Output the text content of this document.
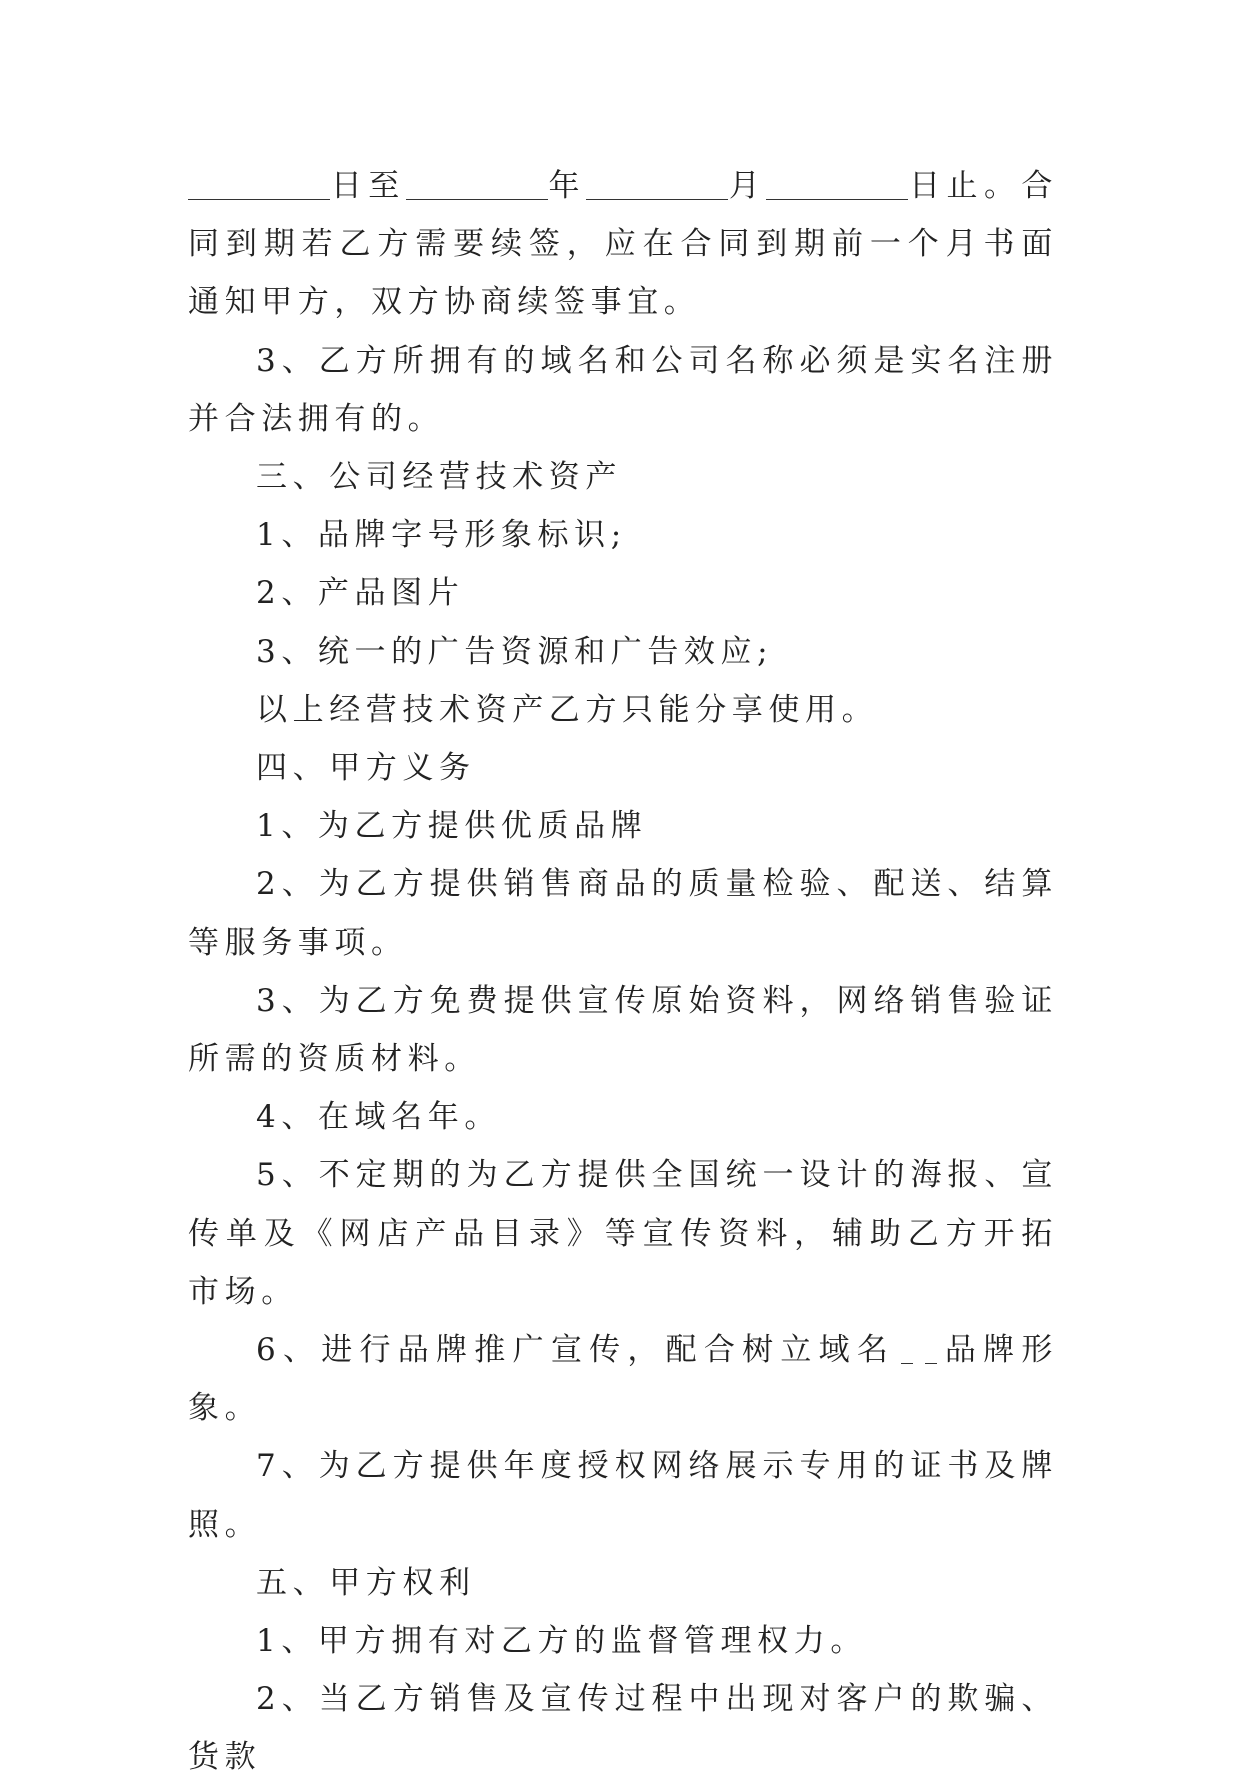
日至	年	月	日止。合同到期若乙方需要续签，应在合同到期前一个月书面通知甲方，双方协商续签事宜。

3、乙方所拥有的域名和公司名称必须是实名注册并合法拥有的。

三、公司经营技术资产

1、品牌字号形象标识;

2、产品图片

3、统一的广告资源和广告效应;

以上经营技术资产乙方只能分享使用。

四、甲方义务

1、为乙方提供优质品牌

2、为乙方提供销售商品的质量检验、配送、结算等服务事项。

3、为乙方免费提供宣传原始资料，网络销售验证所需的资质材料。

4、在域名年。

5、不定期的为乙方提供全国统一设计的海报、宣传单及《网店产品目录》等宣传资料，辅助乙方开拓市场。

6、进行品牌推广宣传，配合树立域名 品牌形象。

7、为乙方提供年度授权网络展示专用的证书及牌照。

五、甲方权利

1、甲方拥有对乙方的监督管理权力。

2、当乙方销售及宣传过程中出现对客户的欺骗、货款
